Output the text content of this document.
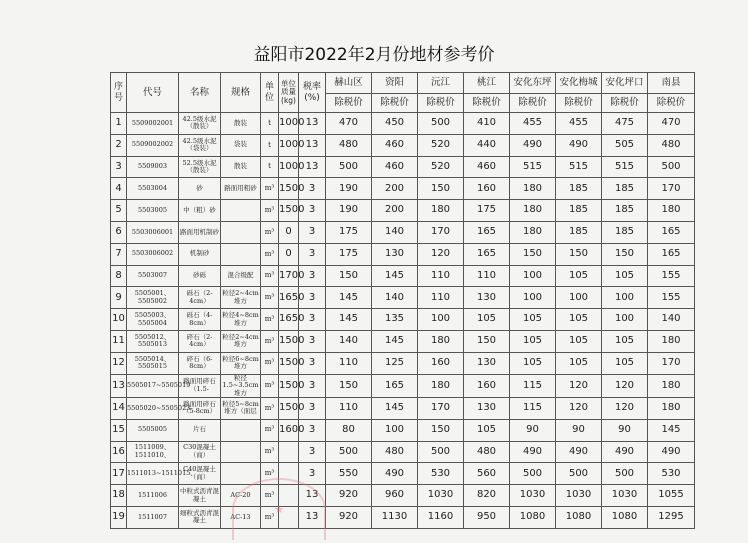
益阳市2022年2月份地材参考价
序号	代号	名称	规格	单位	单位质量(kg)	税率(%)	赫山区	资阳	沅江	桃江	安化东坪	安化梅城	安化坪口	南县
							除税价	除税价	除税价	除税价	除税价	除税价	除税价	除税价
1	5509002001	42.5级水泥（散装）	散装	t	1000	13	470	450	500	410	455	455	475	470
2	5509002002	42.5级水泥（袋装）	袋装	t	1000	13	480	460	520	440	490	490	505	480
3	5509003	52.5级水泥（散装）	散装	t	1000	13	500	460	520	460	515	515	515	500
4	5503004	砂	路面用粗砂	m³	1500	3	190	200	150	160	180	185	185	170
5	5503005	中（粗）砂		m³	1500	3	190	200	180	175	180	185	185	180
6	5503006001	路面用机制砂		m³	0	3	175	140	170	165	180	185	185	165
7	5503006002	机制砂		m³	0	3	175	130	120	165	150	150	150	165
8	5503007	砂砾	混合级配	m³	1700	3	150	145	110	110	100	105	105	155
9	5505001、5505002	砾石（2-4cm）	粒径2~4cm堆方	m³	1650	3	145	140	110	130	100	100	100	155
10	5505003、5505004	砾石（4-8cm）	粒径4~8cm堆方	m³	1650	3	145	135	100	105	105	105	100	140
11	5505012、5505013	碎石（2-4cm）	粒径2~4cm堆方	m³	1500	3	140	145	180	150	105	105	105	180
12	5505014、5505015	碎石（6-8cm）	粒径6~8cm堆方	m³	1500	3	110	125	160	130	105	105	105	170
13	5505017~5505019	路面用碎石（1.5-	粒径1.5~3.5cm堆方	m³	1500	3	150	165	180	160	115	120	120	180
14	5505020~5505023	路面用碎石（5-8cm）	粒径5~8cm堆方（面层	m³	1500	3	110	145	170	130	115	120	120	180
15	5505005	片石		m³	1600	3	80	100	150	105	90	90	90	145
16	1511009、1511010、	C30混凝土（商）		m³		3	500	480	500	480	490	490	490	490
17	1511013~1511015、	C40混凝土（商）		m³		3	550	490	530	560	500	500	500	530
18	1511006	中粒式沥青混凝土	AC-20	m³		13	920	960	1030	820	1030	1030	1030	1055
19	1511007	细粒式沥青混凝土	AC-13	m³		13	920	1130	1160	950	1080	1080	1080	1295
★
